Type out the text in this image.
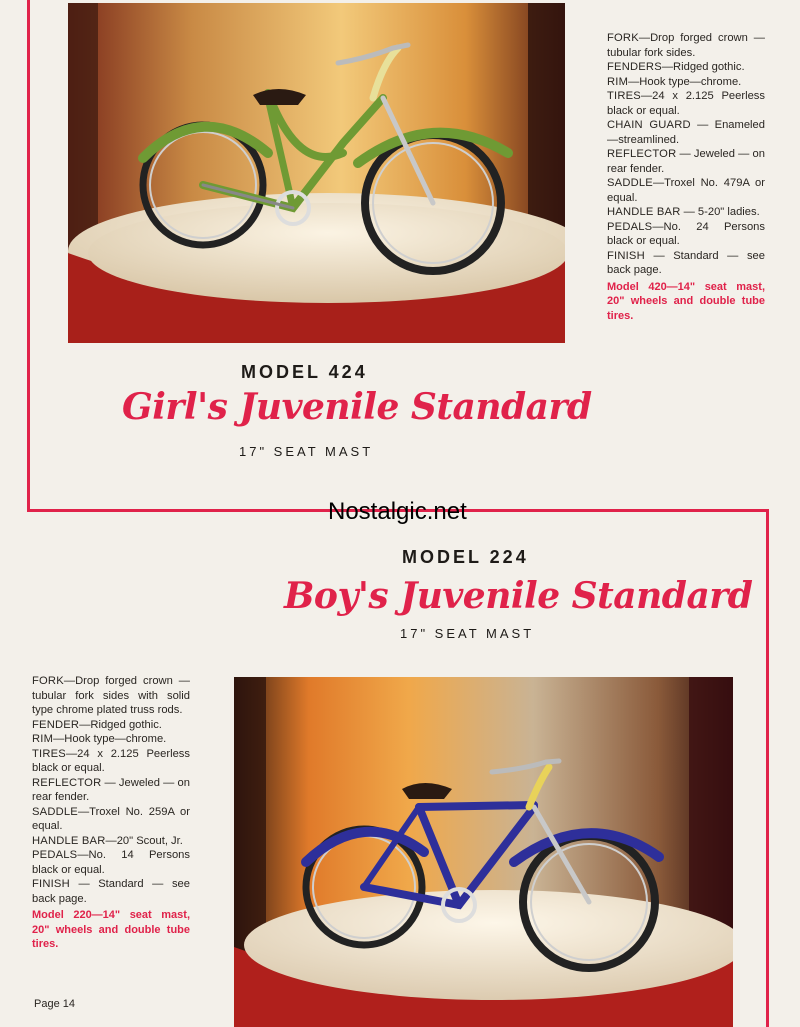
FORK—Drop forged crown —tubular fork sides.

FENDERS—Ridged gothic.

RIM—Hook type—chrome.

TIRES—24 x 2.125 Peerless black or equal.

CHAIN GUARD — Enameled—streamlined.

REFLECTOR — Jeweled — on rear fender.

SADDLE—Troxel No. 479A or equal.

HANDLE BAR — 5-20" ladies.

PEDALS—No. 24 Persons black or equal.

FINISH — Standard — see back page.

Model 420—14" seat mast, 20" wheels and double tube tires.

MODEL 424
Girl's Juvenile Standard
17" SEAT MAST
Nostalgic.net
MODEL 224
Boy's Juvenile Standard
17" SEAT MAST

FORK—Drop forged crown —tubular fork sides with solid type chrome plated truss rods.

FENDER—Ridged gothic.

RIM—Hook type—chrome.

TIRES—24 x 2.125 Peerless black or equal.

REFLECTOR — Jeweled — on rear fender.

SADDLE—Troxel No. 259A or equal.

HANDLE BAR—20" Scout, Jr.

PEDALS—No. 14 Persons black or equal.

FINISH — Standard — see back page.

Model 220—14" seat mast, 20" wheels and double tube tires.

Page 14
